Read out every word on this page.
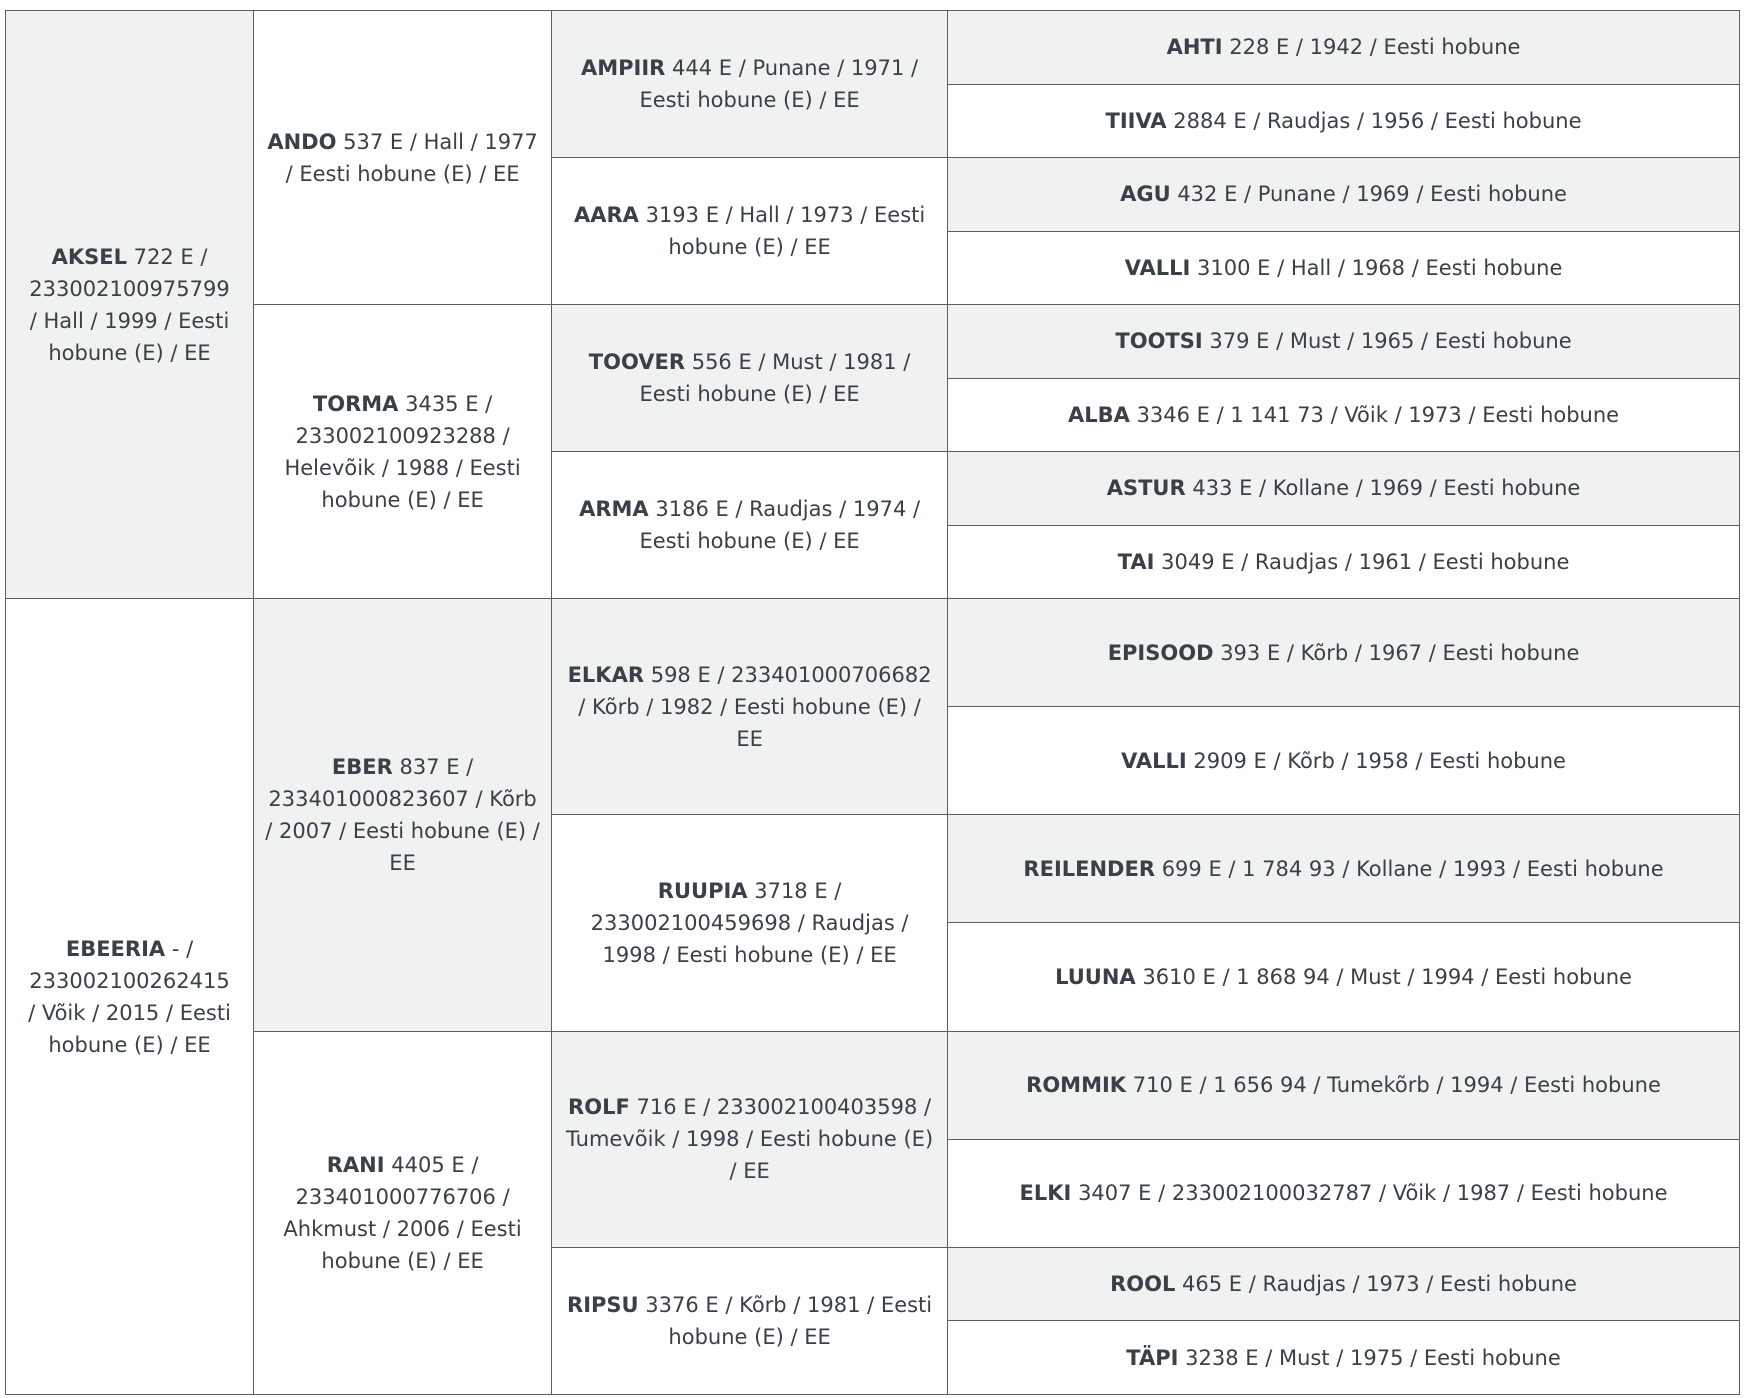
AKSEL 722 E / 233002100975799 / Hall / 1999 / Eesti hobune (E) / EE	ANDO 537 E / Hall / 1977 / Eesti hobune (E) / EE	AMPIIR 444 E / Punane / 1971 / Eesti hobune (E) / EE	AHTI 228 E / 1942 / Eesti hobune
			TIIVA 2884 E / Raudjas / 1956 / Eesti hobune
		AARA 3193 E / Hall / 1973 / Eesti hobune (E) / EE	AGU 432 E / Punane / 1969 / Eesti hobune
			VALLI 3100 E / Hall / 1968 / Eesti hobune
	TORMA 3435 E / 233002100923288 / Helevõik / 1988 / Eesti hobune (E) / EE	TOOVER 556 E / Must / 1981 / Eesti hobune (E) / EE	TOOTSI 379 E / Must / 1965 / Eesti hobune
			ALBA 3346 E / 1 141 73 / Võik / 1973 / Eesti hobune
		ARMA 3186 E / Raudjas / 1974 / Eesti hobune (E) / EE	ASTUR 433 E / Kollane / 1969 / Eesti hobune
			TAI 3049 E / Raudjas / 1961 / Eesti hobune
EBEERIA - / 233002100262415 / Võik / 2015 / Eesti hobune (E) / EE	EBER 837 E / 233401000823607 / Kõrb / 2007 / Eesti hobune (E) / EE	ELKAR 598 E / 233401000706682 / Kõrb / 1982 / Eesti hobune (E) / EE	EPISOOD 393 E / Kõrb / 1967 / Eesti hobune
			VALLI 2909 E / Kõrb / 1958 / Eesti hobune
		RUUPIA 3718 E / 233002100459698 / Raudjas / 1998 / Eesti hobune (E) / EE	REILENDER 699 E / 1 784 93 / Kollane / 1993 / Eesti hobune
			LUUNA 3610 E / 1 868 94 / Must / 1994 / Eesti hobune
	RANI 4405 E / 233401000776706 / Ahkmust / 2006 / Eesti hobune (E) / EE	ROLF 716 E / 233002100403598 / Tumevõik / 1998 / Eesti hobune (E) / EE	ROMMIK 710 E / 1 656 94 / Tumekõrb / 1994 / Eesti hobune
			ELKI 3407 E / 233002100032787 / Võik / 1987 / Eesti hobune
		RIPSU 3376 E / Kõrb / 1981 / Eesti hobune (E) / EE	ROOL 465 E / Raudjas / 1973 / Eesti hobune
			TÄPI 3238 E / Must / 1975 / Eesti hobune
